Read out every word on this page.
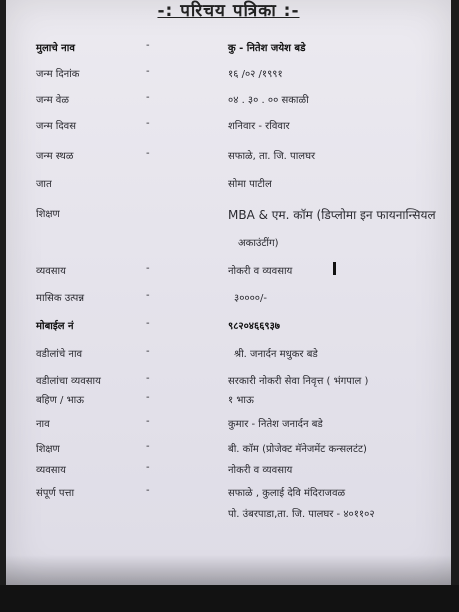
-: परिचय पत्रिका :-
मुलाचे नाव	-	कु - नितेश जयेश बडे
जन्म दिनांक	-	१६ /०२ /१९९१
जन्म वेळ	-	०४ . ३० . ०० सकाळी
जन्म दिवस	-	शनिवार - रविवार
जन्म स्थळ	-	सफाळे, ता. जि. पालघर
जात	सोमा पाटील
शिक्षण	MBA & एम. कॉम (डिप्लोमा इन फायनान्सियल
अकाउंटींग)
व्यवसाय	-	नोकरी व व्यवसाय
मासिक उत्पन्न	-	३००००/-
मोबाईल नं	-	९८२०४६६९३७
वडीलांचे नाव	-	श्री. जनार्दन मधुकर बडे
वडीलांचा व्यवसाय	-	सरकारी नोकरी सेवा निवृत्त ( भंगपाल )
बहिण / भाऊ	-	१ भाऊ
नाव	-	कुमार - नितेश जनार्दन बडे
शिक्षण	-	बी. कॉम (प्रोजेक्ट मॅनेजमेंट कन्सलटंट)
व्यवसाय	-	नोकरी व व्यवसाय
संपूर्ण पत्ता	-	सफाळे , कुलाई देवि मंदिराजवळ
पो. उंबरपाडा,ता. जि. पालघर - ४०११०२
